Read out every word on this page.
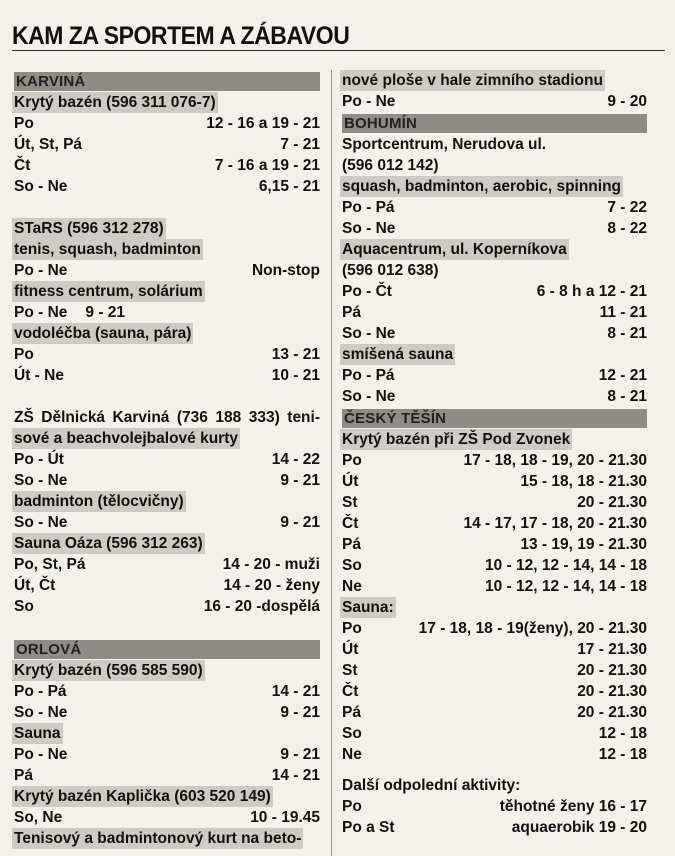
KAM ZA SPORTEM A ZÁBAVOU
KARVINÁ
Krytý bazén (596 311 076-7)
Po	12 - 16 a 19 - 21
Út, St, Pá	7 - 21
Čt	7 - 16 a 19 - 21
So - Ne	6,15 - 21
STaRS (596 312 278)
tenis, squash, badminton
Po - Ne	Non-stop
fitness centrum, solárium
Po - Ne 9 - 21
vodoléčba (sauna, pára)
Po	13 - 21
Út - Ne	10 - 21
ZŠ Dělnická Karviná (736 188 333) teni-
sové a beachvolejbalové kurty
Po - Út	14 - 22
So - Ne	9 - 21
badminton (tělocvičny)
So - Ne	9 - 21
Sauna Oáza (596 312 263)
Po, St, Pá	14 - 20 - muži
Út, Čt	14 - 20 - ženy
So	16 - 20 -dospělá
ORLOVÁ
Krytý bazén (596 585 590)
Po - Pá	14 - 21
So - Ne	9 - 21
Sauna
Po - Ne	9 - 21
Pá	14 - 21
Krytý bazén Kaplička (603 520 149)
So, Ne	10 - 19.45
Tenisový a badmintonový kurt na beto-
nové ploše v hale zimního stadionu
Po - Ne	9 - 20
BOHUMÍN
Sportcentrum, Nerudova ul.
(596 012 142)
squash, badminton, aerobic, spinning
Po - Pá	7 - 22
So - Ne	8 - 22
Aquacentrum, ul. Koperníkova
(596 012 638)
Po - Čt	6 - 8 h a 12 - 21
Pá	11 - 21
So - Ne	8 - 21
smíšená sauna
Po - Pá	12 - 21
So - Ne	8 - 21
ČESKÝ TĚŠÍN
Krytý bazén při ZŠ Pod Zvonek
Po	17 - 18, 18 - 19, 20 - 21.30
Út	15 - 18, 18 - 21.30
St	20 - 21.30
Čt	14 - 17, 17 - 18, 20 - 21.30
Pá	13 - 19, 19 - 21.30
So	10 - 12, 12 - 14, 14 - 18
Ne	10 - 12, 12 - 14, 14 - 18
Sauna:
Po	17 - 18, 18 - 19(ženy), 20 - 21.30
Út	17 - 21.30
St	20 - 21.30
Čt	20 - 21.30
Pá	20 - 21.30
So	12 - 18
Ne	12 - 18
Další odpolední aktivity:
Po	těhotné ženy 16 - 17
Po a St	aquaerobik 19 - 20
